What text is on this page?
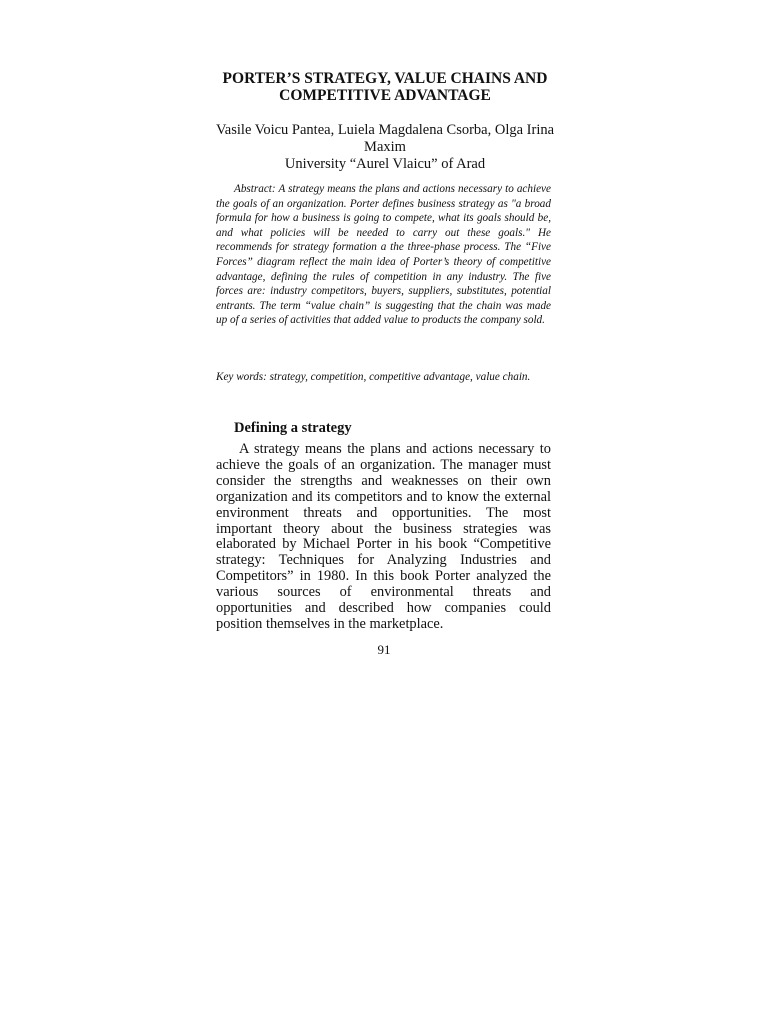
PORTER’S STRATEGY, VALUE CHAINS AND
COMPETITIVE ADVANTAGE
Vasile Voicu Pantea, Luiela Magdalena Csorba, Olga Irina
Maxim
University “Aurel Vlaicu” of Arad

Abstract: A strategy means the plans and actions necessary to achieve the goals of an organization. Porter defines business strategy as "a broad formula for how a business is going to compete, what its goals should be, and what policies will be needed to carry out these goals." He recommends for strategy formation a the three-phase process. The “Five Forces” diagram reflect the main idea of Porter’s theory of competitive advantage, defining the rules of competition in any industry. The five forces are: industry competitors, buyers, suppliers, substitutes, potential entrants. The term “value chain” is suggesting that the chain was made up of a series of activities that added value to products the company sold.

Key words: strategy, competition, competitive advantage, value chain.

Defining a strategy

A strategy means the plans and actions necessary to achieve the goals of an organization. The manager must consider the strengths and weaknesses on their own organization and its competitors and to know the external environment threats and opportunities. The most important theory about the business strategies was elaborated by Michael Porter in his book “Competitive strategy: Techniques for Analyzing Industries and Competitors” in 1980. In this book Porter analyzed the various sources of environmental threats and opportunities and described how companies could position themselves in the marketplace.

91
